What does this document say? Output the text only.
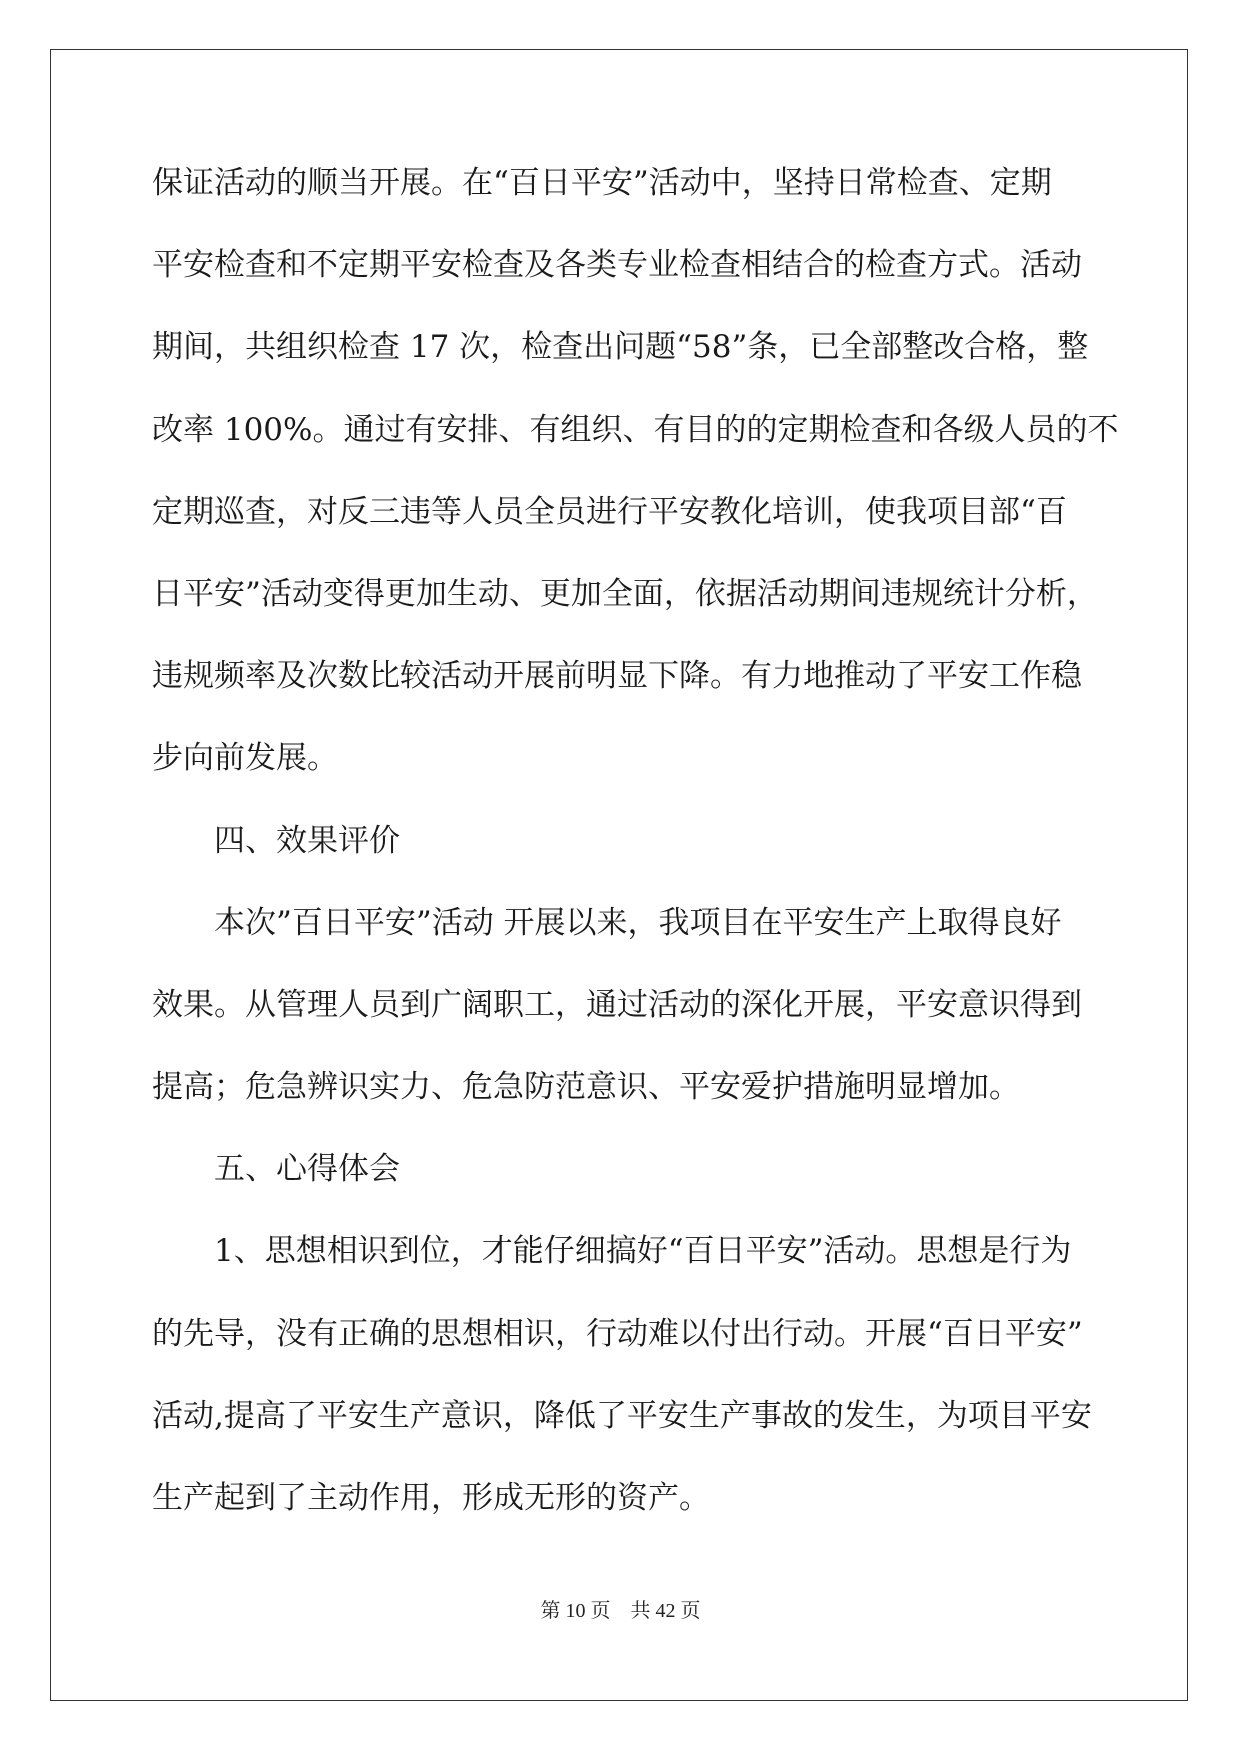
保证活动的顺当开展。在“百日平安”活动中，坚持日常检查、定期
平安检查和不定期平安检查及各类专业检查相结合的检查方式。活动
期间，共组织检查 17 次，检查出问题“58”条，已全部整改合格，整
改率 100%。通过有安排、有组织、有目的的定期检查和各级人员的不
定期巡查，对反三违等人员全员进行平安教化培训，使我项目部“百
日平安”活动变得更加生动、更加全面，依据活动期间违规统计分析，
违规频率及次数比较活动开展前明显下降。有力地推动了平安工作稳
步向前发展。
四、效果评价
本次”百日平安”活动 开展以来，我项目在平安生产上取得良好
效果。从管理人员到广阔职工，通过活动的深化开展，平安意识得到
提高；危急辨识实力、危急防范意识、平安爱护措施明显增加。
五、心得体会
1、思想相识到位，才能仔细搞好“百日平安”活动。思想是行为
的先导，没有正确的思想相识，行动难以付出行动。开展“百日平安”
活动,提高了平安生产意识，降低了平安生产事故的发生，为项目平安
生产起到了主动作用，形成无形的资产。
第 10 页　共 42 页
